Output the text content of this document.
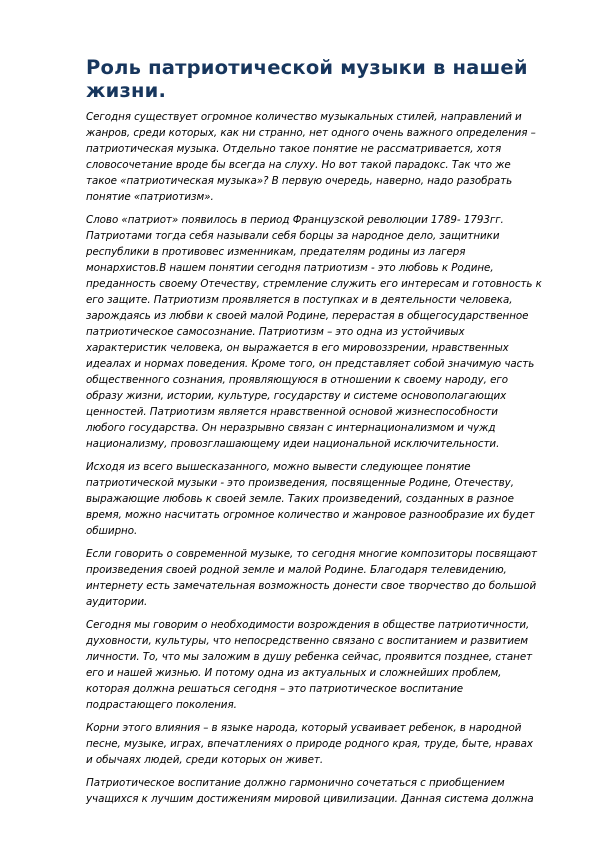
Роль патриотической музыки в нашей
жизни.

Сегодня существует огромное количество музыкальных стилей, направлений и
жанров, среди которых, как ни странно, нет одного очень важного определения –
патриотическая музыка. Отдельно такое понятие не рассматривается, хотя
словосочетание вроде бы всегда на слуху. Но вот такой парадокс. Так что же
такое «патриотическая музыка»? В первую очередь, наверно, надо разобрать
понятие «патриотизм».

Слово «патриот» появилось в период Французской революции 1789- 1793гг.
Патриотами тогда себя называли себя борцы за народное дело, защитники
республики в противовес изменникам, предателям родины из лагеря
монархистов.В нашем понятии сегодня патриотизм - это любовь к Родине,
преданность своему Отечеству, стремление служить его интересам и готовность к
его защите. Патриотизм проявляется в поступках и в деятельности человека,
зарождаясь из любви к своей малой Родине, перерастая в общегосударственное
патриотическое самосознание. Патриотизм – это одна из устойчивых
характеристик человека, он выражается в его мировоззрении, нравственных
идеалах и нормах поведения. Кроме того, он представляет собой значимую часть
общественного сознания, проявляющуюся в отношении к своему народу, его
образу жизни, истории, культуре, государству и системе основополагающих
ценностей. Патриотизм является нравственной основой жизнеспособности
любого государства. Он неразрывно связан с интернационализмом и чужд
национализму, провозглашающему идеи национальной исключительности.

Исходя из всего вышесказанного, можно вывести следующее понятие
патриотической музыки - это произведения, посвященные Родине, Отечеству,
выражающие любовь к своей земле. Таких произведений, созданных в разное
время, можно насчитать огромное количество и жанровое разнообразие их будет
обширно.

Если говорить о современной музыке, то сегодня многие композиторы посвящают
произведения своей родной земле и малой Родине. Благодаря телевидению,
интернету есть замечательная возможность донести свое творчество до большой
аудитории.

Сегодня мы говорим о необходимости возрождения в обществе патриотичности,
духовности, культуры, что непосредственно связано с воспитанием и развитием
личности. То, что мы заложим в душу ребенка сейчас, проявится позднее, станет
его и нашей жизнью. И потому одна из актуальных и сложнейших проблем,
которая должна решаться сегодня – это патриотическое воспитание
подрастающего поколения.

Корни этого влияния – в языке народа, который усваивает ребенок, в народной
песне, музыке, играх, впечатлениях о природе родного края, труде, быте, нравах
и обычаях людей, среди которых он живет.

Патриотическое воспитание должно гармонично сочетаться с приобщением
учащихся к лучшим достижениям мировой цивилизации. Данная система должна
